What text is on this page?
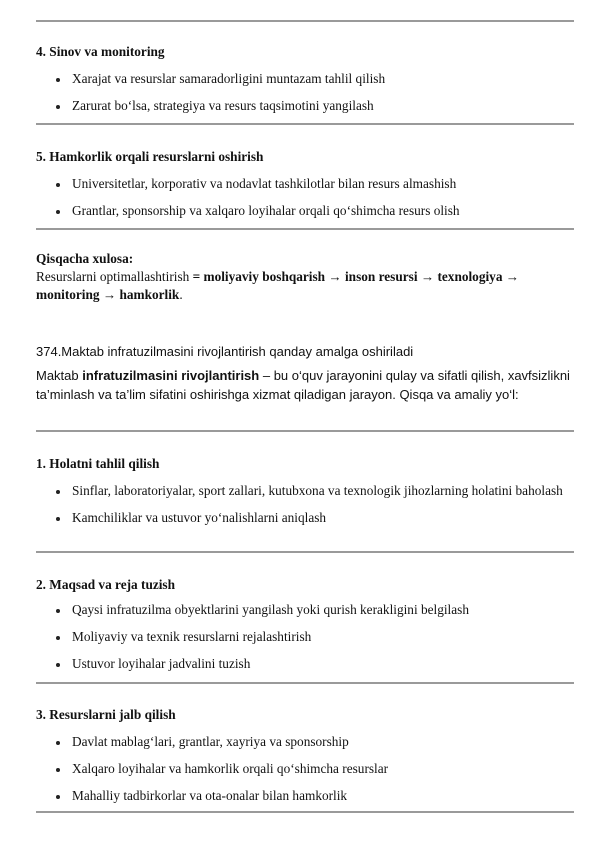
4. Sinov va monitoring
Xarajat va resurslar samaradorligini muntazam tahlil qilish
Zarurat bo‘lsa, strategiya va resurs taqsimotini yangilash
5. Hamkorlik orqali resurslarni oshirish
Universitetlar, korporativ va nodavlat tashkilotlar bilan resurs almashish
Grantlar, sponsorship va xalqaro loyihalar orqali qo‘shimcha resurs olish
Qisqacha xulosa:
Resurslarni optimallashtirish = moliyaviy boshqarish → inson resursi → texnologiya → monitoring → hamkorlik.
374.Maktab infratuzilmasini rivojlantirish qanday amalga oshiriladi
Maktab infratuzilmasini rivojlantirish – bu o‘quv jarayonini qulay va sifatli qilish, xavfsizlikni ta’minlash va ta’lim sifatini oshirishga xizmat qiladigan jarayon. Qisqa va amaliy yo‘l:
1. Holatni tahlil qilish
Sinflar, laboratoriyalar, sport zallari, kutubxona va texnologik jihozlarning holatini baholash
Kamchiliklar va ustuvor yo‘nalishlarni aniqlash
2. Maqsad va reja tuzish
Qaysi infratuzilma obyektlarini yangilash yoki qurish kerakligini belgilash
Moliyaviy va texnik resurslarni rejalashtirish
Ustuvor loyihalar jadvalini tuzish
3. Resurslarni jalb qilish
Davlat mablag‘lari, grantlar, xayriya va sponsorship
Xalqaro loyihalar va hamkorlik orqali qo‘shimcha resurslar
Mahalliy tadbirkorlar va ota-onalar bilan hamkorlik
